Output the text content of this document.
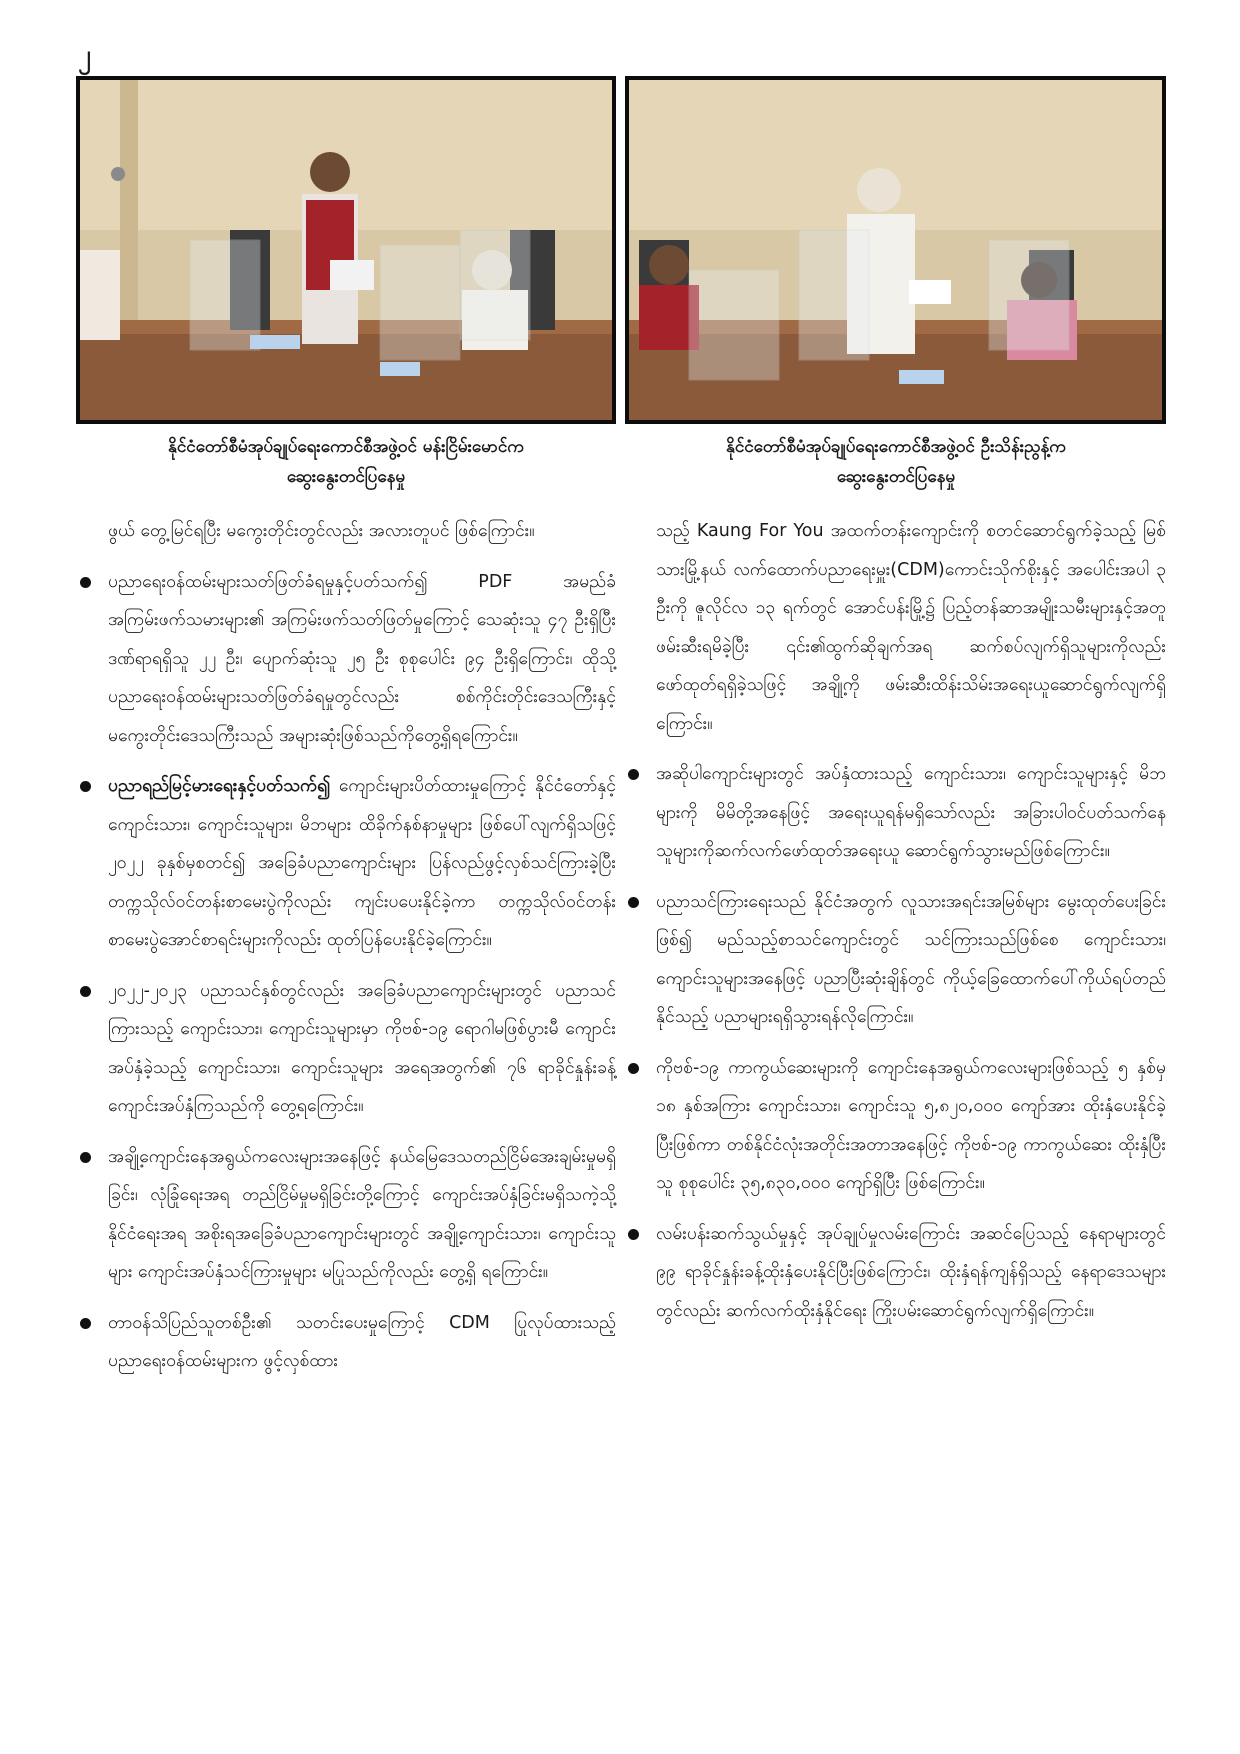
၂
နိုင်ငံတော်စီမံအုပ်ချုပ်ရေးကောင်စီအဖွဲ့ဝင် မန်းငြိမ်းမောင်က
ဆွေးနွေးတင်ပြနေမှု
နိုင်ငံတော်စီမံအုပ်ချုပ်ရေးကောင်စီအဖွဲ့ဝင် ဦးသိန်းညွန့်က
ဆွေးနွေးတင်ပြနေမှု

ဖွယ် တွေ့မြင်ရပြီး မကွေးတိုင်းတွင်လည်း အလားတူပင် ဖြစ်ကြောင်း။

ပညာရေးဝန်ထမ်းများသတ်ဖြတ်ခံရမှုနှင့်ပတ်သက်၍ PDF အမည်ခံအကြမ်းဖက်သမားများ၏ အကြမ်းဖက်သတ်ဖြတ်မှုကြောင့် သေဆုံးသူ ၄၇ ဦးရှိပြီး ဒဏ်ရာရရှိသူ ၂၂ ဦး၊ ပျောက်ဆုံးသူ ၂၅ ဦး စုစုပေါင်း ၉၄ ဦးရှိကြောင်း၊ ထိုသို့ ပညာရေးဝန်ထမ်းများသတ်ဖြတ်ခံရမှုတွင်လည်း စစ်ကိုင်းတိုင်းဒေသကြီးနှင့် မကွေးတိုင်းဒေသကြီးသည် အများဆုံးဖြစ်သည်ကိုတွေ့ရှိရကြောင်း။
ပညာရည်မြင့်မားရေးနှင့်ပတ်သက်၍ ကျောင်းများပိတ်ထားမှုကြောင့် နိုင်ငံတော်နှင့် ကျောင်းသား၊ ကျောင်းသူများ၊ မိဘများ ထိခိုက်နစ်နာမှုများ ဖြစ်ပေါ်လျက်ရှိသဖြင့် ၂၀၂၂ ခုနှစ်မှစတင်၍ အခြေခံပညာကျောင်းများ ပြန်လည်ဖွင့်လှစ်သင်ကြားခဲ့ပြီး တက္ကသိုလ်ဝင်တန်းစာမေးပွဲကိုလည်း ကျင်းပပေးနိုင်ခဲ့ကာ တက္ကသိုလ်ဝင်တန်း စာမေးပွဲအောင်စာရင်းများကိုလည်း ထုတ်ပြန်ပေးနိုင်ခဲ့ကြောင်း။
၂၀၂၂-၂၀၂၃ ပညာသင်နှစ်တွင်လည်း အခြေခံပညာကျောင်းများတွင် ပညာသင်ကြားသည့် ကျောင်းသား၊ ကျောင်းသူများမှာ ကိုဗစ်-၁၉ ရောဂါမဖြစ်ပွားမီ ကျောင်းအပ်နှံခဲ့သည့် ကျောင်းသား၊ ကျောင်းသူများ အရေအတွက်၏ ၇၆ ရာခိုင်နှုန်းခန့် ကျောင်းအပ်နှံကြသည်ကို တွေ့ရကြောင်း။
အချို့ကျောင်းနေအရွယ်ကလေးများအနေဖြင့် နယ်မြေဒေသတည်ငြိမ်အေးချမ်းမှုမရှိခြင်း၊ လုံခြုံရေးအရ တည်ငြိမ်မှုမရှိခြင်းတို့ကြောင့် ကျောင်းအပ်နှံခြင်းမရှိသကဲ့သို့ နိုင်ငံရေးအရ အစိုးရအခြေခံပညာကျောင်းများတွင် အချို့ကျောင်းသား၊ ကျောင်းသူများ ကျောင်းအပ်နှံသင်ကြားမှုများ မပြုသည်ကိုလည်း တွေ့ရှိ ရကြောင်း။
တာဝန်သိပြည်သူတစ်ဦး၏ သတင်းပေးမှုကြောင့် CDM ပြုလုပ်ထားသည့် ပညာရေးဝန်ထမ်းများက ဖွင့်လှစ်ထား

သည့် Kaung For You အထက်တန်းကျောင်းကို စတင်ဆောင်ရွက်ခဲ့သည့် မြစ်သားမြို့နယ် လက်ထောက်ပညာရေးမှူး(CDM)ကောင်းသိုက်စိုးနှင့် အပေါင်းအပါ ၃ ဦးကို ဇူလိုင်လ ၁၃ ရက်တွင် အောင်ပန်းမြို့၌ ပြည့်တန်ဆာအမျိုးသမီးများနှင့်အတူ ဖမ်းဆီးရမိခဲ့ပြီး ၎င်း၏ထွက်ဆိုချက်အရ ဆက်စပ်လျက်ရှိသူများကိုလည်း ဖော်ထုတ်ရရှိခဲ့သဖြင့် အချို့ကို ဖမ်းဆီးထိန်းသိမ်းအရေးယူဆောင်ရွက်လျက်ရှိကြောင်း။

အဆိုပါကျောင်းများတွင် အပ်နှံထားသည့် ကျောင်းသား၊ ကျောင်းသူများနှင့် မိဘများကို မိမိတို့အနေဖြင့် အရေးယူရန်မရှိသော်လည်း အခြားပါဝင်ပတ်သက်နေသူများကိုဆက်လက်ဖော်ထုတ်အရေးယူ ဆောင်ရွက်သွားမည်ဖြစ်ကြောင်း။
ပညာသင်ကြားရေးသည် နိုင်ငံအတွက် လူသားအရင်းအမြစ်များ မွေးထုတ်ပေးခြင်းဖြစ်၍ မည်သည့်စာသင်ကျောင်းတွင် သင်ကြားသည်ဖြစ်စေ ကျောင်းသား၊ ကျောင်းသူများအနေဖြင့် ပညာပြီးဆုံးချိန်တွင် ကိုယ့်ခြေထောက်ပေါ်ကိုယ်ရပ်တည်နိုင်သည့် ပညာများရရှိသွားရန်လိုကြောင်း။
ကိုဗစ်-၁၉ ကာကွယ်ဆေးများကို ကျောင်းနေအရွယ်ကလေးများဖြစ်သည့် ၅ နှစ်မှ ၁၈ နှစ်အကြား ကျောင်းသား၊ ကျောင်းသူ ၅,၈၂၀,၀၀၀ ကျော်အား ထိုးနှံပေးနိုင်ခဲ့ပြီးဖြစ်ကာ တစ်နိုင်ငံလုံးအတိုင်းအတာအနေဖြင့် ကိုဗစ်-၁၉ ကာကွယ်ဆေး ထိုးနှံပြီးသူ စုစုပေါင်း ၃၅,၈၃၀,၀၀၀ ကျော်ရှိပြီး ဖြစ်ကြောင်း။
လမ်းပန်းဆက်သွယ်မှုနှင့် အုပ်ချုပ်မှုလမ်းကြောင်း အဆင်ပြေသည့် နေရာများတွင် ၉၉ ရာခိုင်နှုန်းခန့်ထိုးနှံပေးနိုင်ပြီးဖြစ်ကြောင်း၊ ထိုးနှံရန်ကျန်ရှိသည့် နေရာဒေသများတွင်လည်း ဆက်လက်ထိုးနှံနိုင်ရေး ကြိုးပမ်းဆောင်ရွက်လျက်ရှိကြောင်း။
